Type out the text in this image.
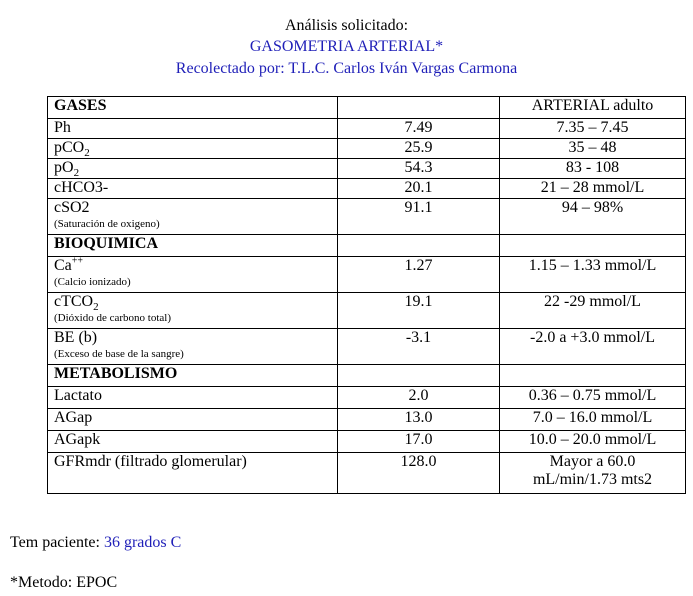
Análisis solicitado:
GASOMETRIA ARTERIAL*
Recolectado por: T.L.C. Carlos Iván Vargas Carmona
GASES		ARTERIAL adulto
Ph	7.49	7.35 – 7.45
pCO$_2$	25.9	35 – 48
$pO_2$	54.3	83 - 108
cHCO3-	20.1	21 – 28 mmol/L
cSO2
(Saturación de oxigeno)	91.1	94 – 98%
BIOQUIMICA		
Ca++
(Calcio ionizado)	1.27	1.15 – 1.33 mmol/L
cTCO$_2$
(Dióxido de carbono total)	19.1	22 -29 mmol/L
BE (b)
(Exceso de base de la sangre)	-3.1	-2.0 a +3.0 mmol/L
METABOLISMO		
Lactato	2.0	0.36 – 0.75 mmol/L
AGap	13.0	7.0 – 16.0 mmol/L
AGapk	17.0	10.0 – 20.0 mmol/L
GFRmdr (filtrado glomerular)	128.0	Mayor a 60.0
mL/min/1.73 mts2
Tem paciente: 36 grados C
*Metodo: EPOC
